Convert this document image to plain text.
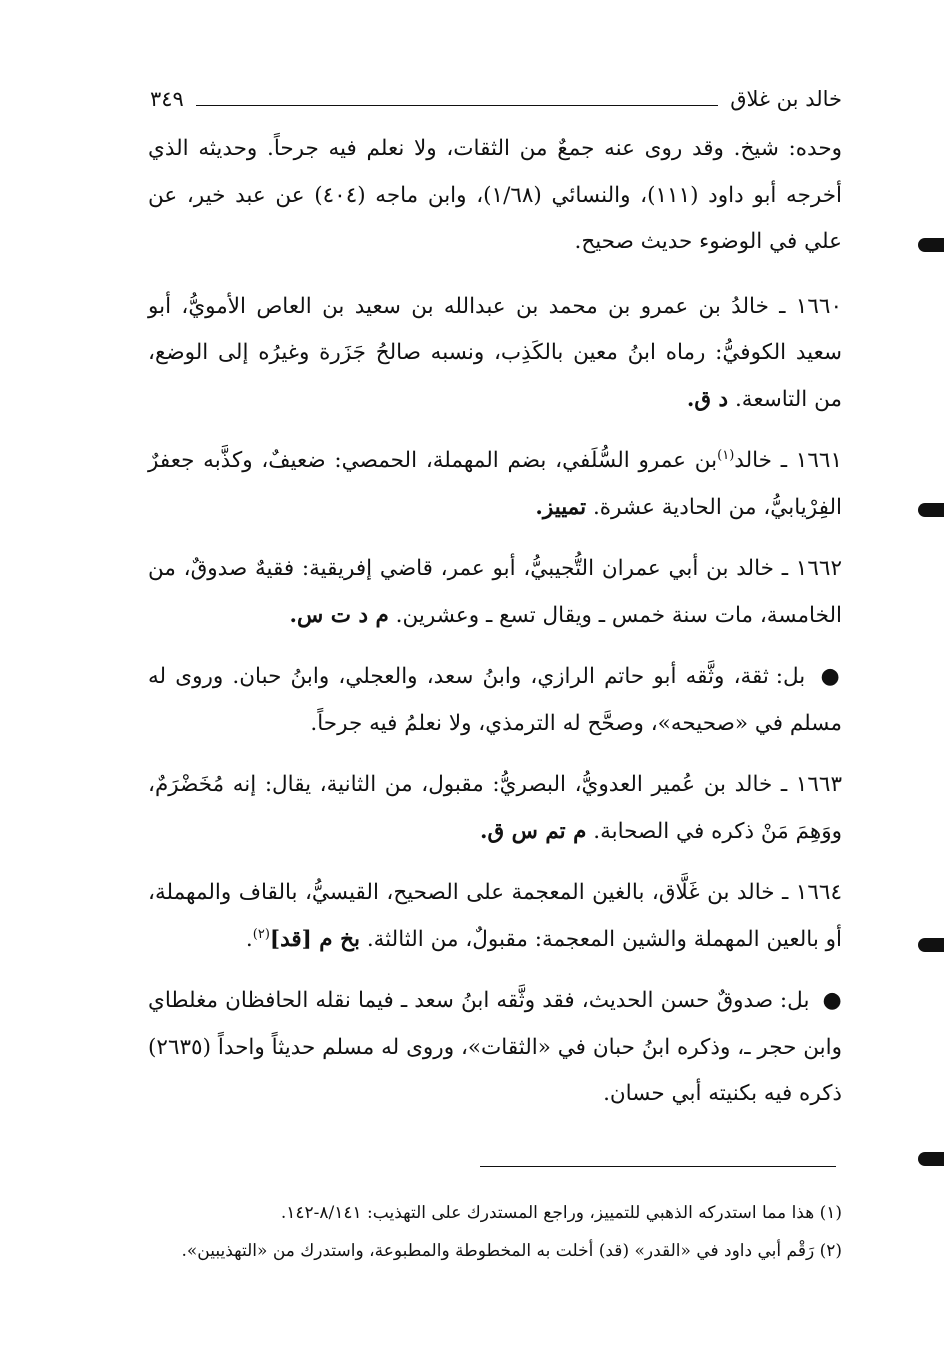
خالد بن غلاق
٣٤٩

وحده: شيخ. وقد روى عنه جمعٌ من الثقات، ولا نعلم فيه جرحاً. وحديثه الذي أخرجه أبو داود (١١١)، والنسائي (١/٦٨)، وابن ماجه (٤٠٤) عن عبد خير، عن علي في الوضوء حديث صحيح.

١٦٦٠ ـ خالدُ بن عمرو بن محمد بن عبدالله بن سعيد بن العاص الأمويُّ، أبو سعيد الكوفيُّ: رماه ابنُ معين بالكَذِب، ونسبه صالحُ جَزَرة وغيرُه إلى الوضع، من التاسعة. د ق.

١٦٦١ ـ خالد$^{(١)}$بن عمرو السُّلَفي، بضم المهملة، الحمصي: ضعيفٌ، وكذَّبه جعفرٌ الفِرْيابيُّ، من الحادية عشرة. تمييز.

١٦٦٢ ـ خالد بن أبي عمران التُّجيبيُّ، أبو عمر، قاضي إفريقية: فقيهٌ صدوقٌ، من الخامسة، مات سنة خمس ـ ويقال تسع ـ وعشرين. م د ت س.

● بل: ثقة، وثَّقه أبو حاتم الرازي، وابنُ سعد، والعجلي، وابنُ حبان. وروى له مسلم في «صحيحه»، وصحَّح له الترمذي، ولا نعلمُ فيه جرحاً.

١٦٦٣ ـ خالد بن عُمير العدويُّ، البصريُّ: مقبول، من الثانية، يقال: إنه مُخَضْرَمٌ، ووَهِمَ مَنْ ذكره في الصحابة. م تم س ق.

١٦٦٤ ـ خالد بن غَلَّاق، بالغين المعجمة على الصحيح، القيسيُّ، بالقاف والمهملة، أو بالعين المهملة والشين المعجمة: مقبولٌ، من الثالثة. بخ م [قد]$^{(٢)}$.

● بل: صدوقٌ حسن الحديث، فقد وثَّقه ابنُ سعد ـ فيما نقله الحافظان مغلطاي وابن حجر ـ، وذكره ابنُ حبان في «الثقات»، وروى له مسلم حديثاً واحداً (٢٦٣٥) ذكره فيه بكنيته أبي حسان.

(١) هذا مما استدركه الذهبي للتمييز، وراجع المستدرك على التهذيب: ٨/١٤١-١٤٢.

(٢) رَقْم أبي داود في «القدر» (قد) أخلت به المخطوطة والمطبوعة، واستدرك من «التهذيبين».
